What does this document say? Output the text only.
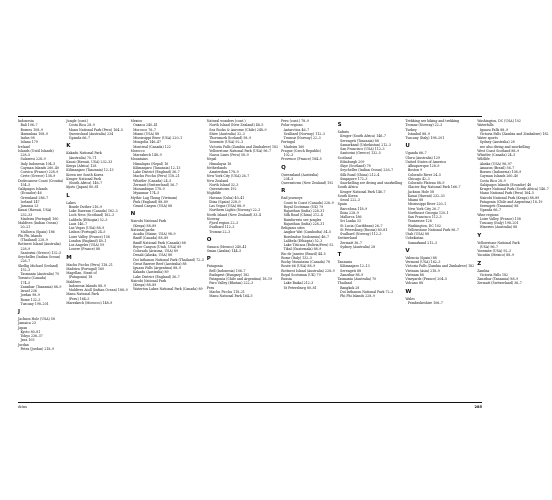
Indonesia
Bali 106–7
Borneo 108–9
Ikwambaa 108–9
Indus 98
Iolanu 179
Ireland
Islands (Until Islands)
228–5
Sulawesi 228–9
Italy Indonesia 104–5
Cayman Islands 260–40
Corsica (France) 228–9
Crete (Greece) 138–9
Dodecanese Coast (Croatia)
154–5
Galápagos Islands
(Ecuador) 46
Greenland 286–7
Iceland 147
Jamaica 23
Kauai (Hawaii, USA)
232–33
Madeira (Portugal) 160
Maldives (Indian Ocean)
20–21
Mallorca (Spain) 186
Phi Phi Islands
(Thailand) 228–9
Rottnest Island (Australia)
228–9
Santorini (Greece) 132–5
Seychelles (Indian Ocean)
226–7
Skellig Michael (Ireland)
152–3
Tasmania (Australia) 70
Toronto (Canada)
174–5
Zanzibar (Tanzania) 88–9
Israel 236
Jordan 98–9
Rome 132–3
Tuscany 198–201
J
Jackson Hole (USA) 58
Jamaica 23
Japan
Kyoto 80–81
Tokyo 236–37
Java 105
Jordan
Petra (Jordan) 218–9
Jungle (cont.)
Costa Rica 28–9
Manu National Park (Peru) 164–5
Queensland (Australia) 234
Uganda 66–7
K
Kakadu National Park
(Australia) 70–71
Kauai (Hawaii, USA) 232–33
Kenya (Africa) 128
Kilimanjaro (Tanzania) 12–13
Korea see South Korea
Kruger National Park
(South Africa) 146–7
Kyoto (Japan) 80–81
L
Lakes
Bonde Duther 216–9
Lake Daravan (Canada) 162–3
Loch Ness (Scotland) 162–3
Lalibela (Ethiopia) 52–3
Laos 146–7
Las Vegas (USA) 88–9
Lisbon (Portugal) 24–5
Loire Valley (France) 158
London (England) 40–1
Los Angeles (USA) 59
Louvre (France) 88
M
Machu Picchu (Peru) 118–21
Madeira (Portugal) 160
Magellan, Strait of
(Patagonia) 18
Maldives
Indonesia Islands 88–9
Maldives Atoll (Indian Ocean) 188–9
Manu National Park
(Peru) 164–5
Marrakech (Morocco) 148–9
Mexico
Oaxaca 240–41
Morocco 76–7
Miami (USA) 88
Mississippi River (USA) 220–1
Mongolia 146–47
Montreal (Canada) 122
Morocco
Marrakech 148–9
Mountains
Himalayas (Nepal) 16
Kilimanjaro (Tanzania) 12–13
Lake District (England) 36–7
Machu Picchu (Peru) 118–21
Whistler (Canada) 24–5
Zermatt (Switzerland) 36–7
Mozambique 178–9
Myanmar 174–5
Mythic Lag Thung (Vietnam)
Pink (England) 88–89
Grand Canyon (USA) 88
N
Nairobi National Park
(Kenya) 88–89
National parks
Acadia (Maine, USA) 98–9
Banff (Canada) 88–89
Banff National Park (Canada) 88
Bryce Canyon (Utah, USA) 89
Colorado (Arizona, USA) 89
Denali (Alaska, USA) 88
Doi Inthanon National Park (Thailand) 72–3
Great Barrier Reef (Australia) 88
Iguazu Falls (Argentina) 88–9
Kakadu (Australia) 89
Lake District (England) 36–7
Nairobi National Park
(Kenya) 88–89
Waterton Lakes National Park (Canada) 89
Natural wonders (cont.)
North Island (New Zealand) 48–5
Sea Rocks & Aurorae (Chile) 248–9
Shire (Australia) 32–3
Thorsmork (Iceland) 58–9
Yosemite (USA) 92–3
Victoria Falls (Zambia and Zimbabwe) 182
Yellowstone National Park (USA) 96–7
Nazca Lines (Peru) 58–9
Nepal
Himalayas 16
Netherlands
Amsterdam 178–9
New York City (USA) 26–7
New Zealand
North Island 32–3
Queenstown 192
Nightlife
Havana (Cuba) 40–41
Ibiza (Spain) 228–9
Las Vegas (USA) 88–9
Northern Lights (Norway) 22–3
North Island (New Zealand) 33–4
Norway
Fjord region 22–3
Svalbard 112–3
Tromsø 22–3
O
Oaxaca (Mexico) 240–41
Oman (Arabia) 144–5
P
Patagonia
Bell (Indonesia) 106–7
Budapest (Hungary) 182
Patagonia (Chile and Argentina) 18–19
Paro Valley (Bhutan) 222–3
Peru
Machu Picchu 118–21
Manu National Park 164–5
Peru (cont.) 78–9
Polar regions
Antarctica 46–7
Svalbard (Norway) 112–3
Tromsø (Norway) 22–3
Portugal
Madeira 160
Prague (Czech Republic)
102–3
Provence (France) 184–5
Q
Queensland (Australia)
234–5
Queenstown (New Zealand) 192
R
Rail journeys
Coast to Coast (Canada) 226–9
Royal Scotsman (UK) 79
Rajasthan (India) 228–31
Silk Road (China) 212–4
Rainforests see jungles
Rajasthan (India) 228–31
Religious sites
Angkor Wat (Cambodia) 34–5
Borobudur (Indonesia) 46–7
Lalibela (Ethiopia) 52–3
Lake Titicaca (Bolivia/Peru) 52
Tikal (Guatemala) 88–9
Rio de Janeiro (Brazil) 44–5
Rome (Italy) 132–3
Rocky Mountains (Canada) 78
Route 66 (USA) 88–9
Rottnest Island (Australia) 228–9
Royal Scotsman (UK) 79
Russia
Lake Baikal 212–3
St Petersburg 80–81
S
Safaris
Kruger (South Africa) 146–7
Serengeti (Tanzania) 88
Samarkand (Uzbekistan) 212–3
San Francisco (USA) 112–3
Santorini (Greece) 132–5
Scotland
Edinburgh 209
Skye (Scotland) 78
Seychelles (Indian Ocean) 226–7
Silk Road (China) 212–4
Singapore 172–3
Snorkelling see diving and snorkelling
South Africa
Kruger National Park 146–7
South Korea
Seoul 222–3
Spain
Barcelona 118–9
Ibiza 228–9
Mallorca 186
Sri Lanka 33
St Lucia (Caribbean) 26–7
St Petersburg (Russia) 80–81
Svalbard (Norway) 112–3
Switzerland
Zermatt 36–7
Sydney (Australia) 28
T
Tanzania
Kilimanjaro 12–13
Serengeti 88
Zanzibar 88–9
Tasmania (Australia) 70
Thailand
Bangkok 28
Doi Inthanon National Park 72–3
Phi Phi Islands 228–9
Trekking see hiking and trekking
Tromsø (Norway) 22–3
Turkey
Istanbul 88–9
Tuscany (Italy) 198–201
U
Uganda 66–7
Uluru (Australia) 129
United States of America
Albuquerque 128–9
Boston 9
Colorado River 24–5
Chicago 42–3
Colorado Plateau 88–9
Glacier Bay National Park 166–7
Jackson Hole 58
Kauai (Hawaii) 232–33
Miami 88
Mississippi River 220–1
New York City 26–7
Northeast Georgia 120–1
San Francisco 112–3
Tennessee 128
Washington, DC 102
Yellowstone National Park 96–7
Utah (USA) 88
Uzbekistan
Samarkand 212–3
V
Valencia (Spain) 88
Vermont (USA) 162–3
Victoria Falls (Zambia and Zimbabwe) 182
Vietnam (Asia) 218–9
Vietnam 88
Vineyards (France) 204–5
Volcano 88
W
Wales
Pembrokeshire 106–7
Washington, DC (USA) 102
Waterfalls
Iguazu Falls 88–9
Victoria Falls (Zambia and Zimbabwe) 182
Water sports
Sydney (Australia) 28
see also diving and snorkelling
West Coast Scotland 88–9
Whistler (Canada) 24–5
Wildlife
Alaska (USA) 96–97
Amazon (Brazil) 56–7
Borneo (Indonesia) 108–9
Cayman Islands 260–40
Costa Rica 28–9
Galápagos Islands (Ecuador) 46
Kruger National Park (South Africa) 146–7
Manu National Park (Peru) 164–5
Nairobi National Park (Kenya) 88–89
Patagonia (Chile and Argentina) 18–19
Serengeti (Tanzania) 88
Uganda 66–7
Wine regions
Loire Valley (France) 158
Tuscany (Italy) 198–201
Wineries (Australia) 88
Y
Yellowstone National Park
(USA) 96–7
Yosemite (USA) 92–3
Yucatán (Mexico) 88–9
Z
Zambia
Victoria Falls 182
Zanzibar (Tanzania) 88–9
Zermatt (Switzerland) 36–7
Atlas	285
